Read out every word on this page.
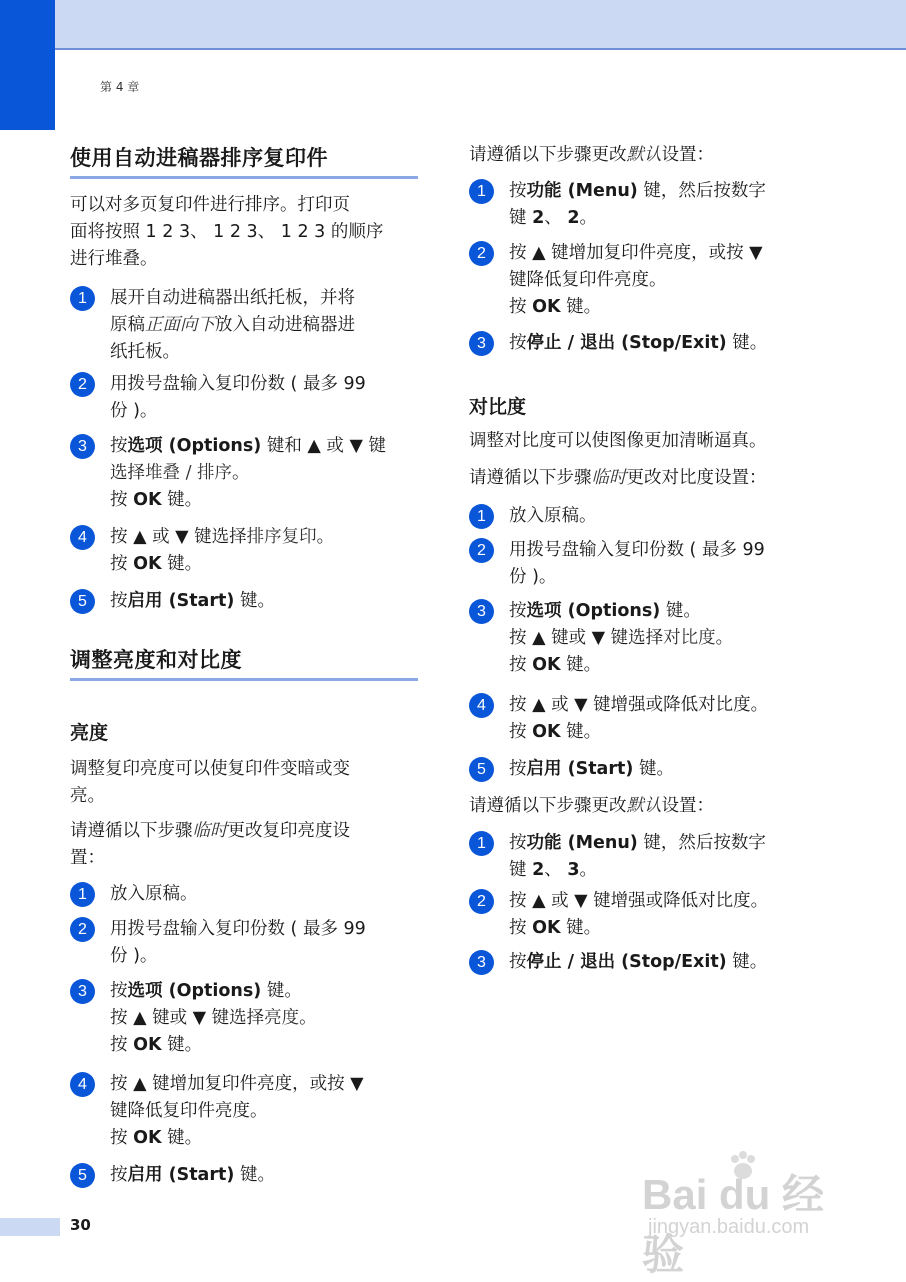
第 4 章
使用自动进稿器排序复印件

可以对多页复印件进行排序。打印页

面将按照 1 2 3、 1 2 3、 1 2 3 的顺序

进行堆叠。

1	展开自动进稿器出纸托板，并将
原稿正面向下放入自动进稿器进
纸托板。
2	用拨号盘输入复印份数 ( 最多 99
份 )。
3	按选项 (Options) 键和 ▲ 或 ▼ 键
选择堆叠 / 排序。
按 OK 键。
4	按 ▲ 或 ▼ 键选择排序复印。
按 OK 键。
5	按启用 (Start) 键。
调整亮度和对比度
亮度

调整复印亮度可以使复印件变暗或变

亮。

请遵循以下步骤临时更改复印亮度设

置：

1	放入原稿。
2	用拨号盘输入复印份数 ( 最多 99
份 )。
3	按选项 (Options) 键。
按 ▲ 键或 ▼ 键选择亮度。
按 OK 键。
4	按 ▲ 键增加复印件亮度，或按 ▼
键降低复印件亮度。
按 OK 键。
5	按启用 (Start) 键。

请遵循以下步骤更改默认设置：

1	按功能 (Menu) 键，然后按数字
键 2、 2。
2	按 ▲ 键增加复印件亮度，或按 ▼
键降低复印件亮度。
按 OK 键。
3	按停止 / 退出 (Stop/Exit) 键。
对比度

调整对比度可以使图像更加清晰逼真。

请遵循以下步骤临时更改对比度设置：

1	放入原稿。
2	用拨号盘输入复印份数 ( 最多 99
份 )。
3	按选项 (Options) 键。
按 ▲ 键或 ▼ 键选择对比度。
按 OK 键。
4	按 ▲ 或 ▼ 键增强或降低对比度。
按 OK 键。
5	按启用 (Start) 键。

请遵循以下步骤更改默认设置：

1	按功能 (Menu) 键，然后按数字
键 2、 3。
2	按 ▲ 或 ▼ 键增强或降低对比度。
按 OK 键。
3	按停止 / 退出 (Stop/Exit) 键。
30
Bai du 经验
jingyan.baidu.com
